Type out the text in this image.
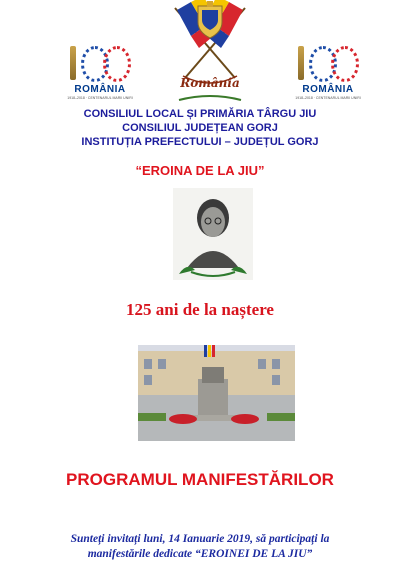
ROMÂNIA
1918–2018 · CENTENARUL MARII UNIRI
ROMÂNIA
1918–2018 · CENTENARUL MARII UNIRI
România
CONSILIUL LOCAL ȘI PRIMĂRIA TÂRGU JIU
CONSILIUL JUDEȚEAN GORJ
INSTITUȚIA PREFECTULUI – JUDEȚUL GORJ
“EROINA DE LA JIU”
125 ani de la naștere
PROGRAMUL MANIFESTĂRILOR
Sunteți invitați luni, 14 Ianuarie 2019, să participați la
manifestările dedicate “EROINEI DE LA JIU”
